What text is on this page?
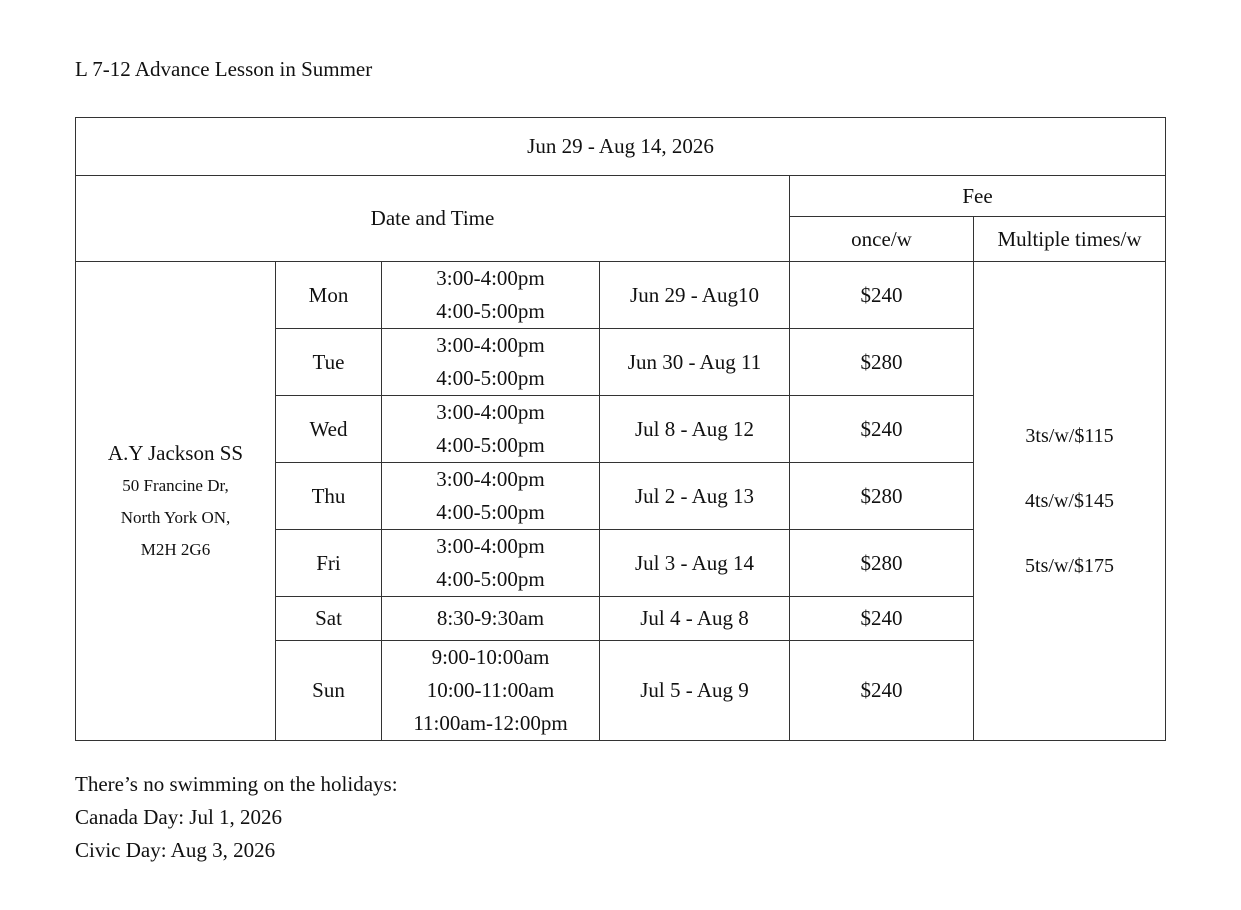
L 7-12 Advance Lesson in Summer
Jun 29 - Aug 14, 2026					
Date and Time				Fee	
				once/w	Multiple times/w

A.Y Jackson SS
50 Francine Dr,
North York ON,
M2H 2G6	Mon	3:00-4:00pm
4:00-5:00pm	Jun 29 - Aug10	$240	3ts/w/$115
4ts/w/$145
5ts/w/$175

	Tue	3:00-4:00pm
4:00-5:00pm	Jun 30 - Aug 11	$280	
	Wed	3:00-4:00pm
4:00-5:00pm	Jul 8 - Aug 12	$240	
	Thu	3:00-4:00pm
4:00-5:00pm	Jul 2 - Aug 13	$280	
	Fri	3:00-4:00pm
4:00-5:00pm	Jul 3 - Aug 14	$280	
	Sat	8:30-9:30am	Jul 4 - Aug 8	$240	
	Sun	9:00-10:00am
10:00-11:00am
11:00am-12:00pm	Jul 5 - Aug 9	$240	
There’s no swimming on the holidays:
Canada Day: Jul 1, 2026
Civic Day: Aug 3, 2026
